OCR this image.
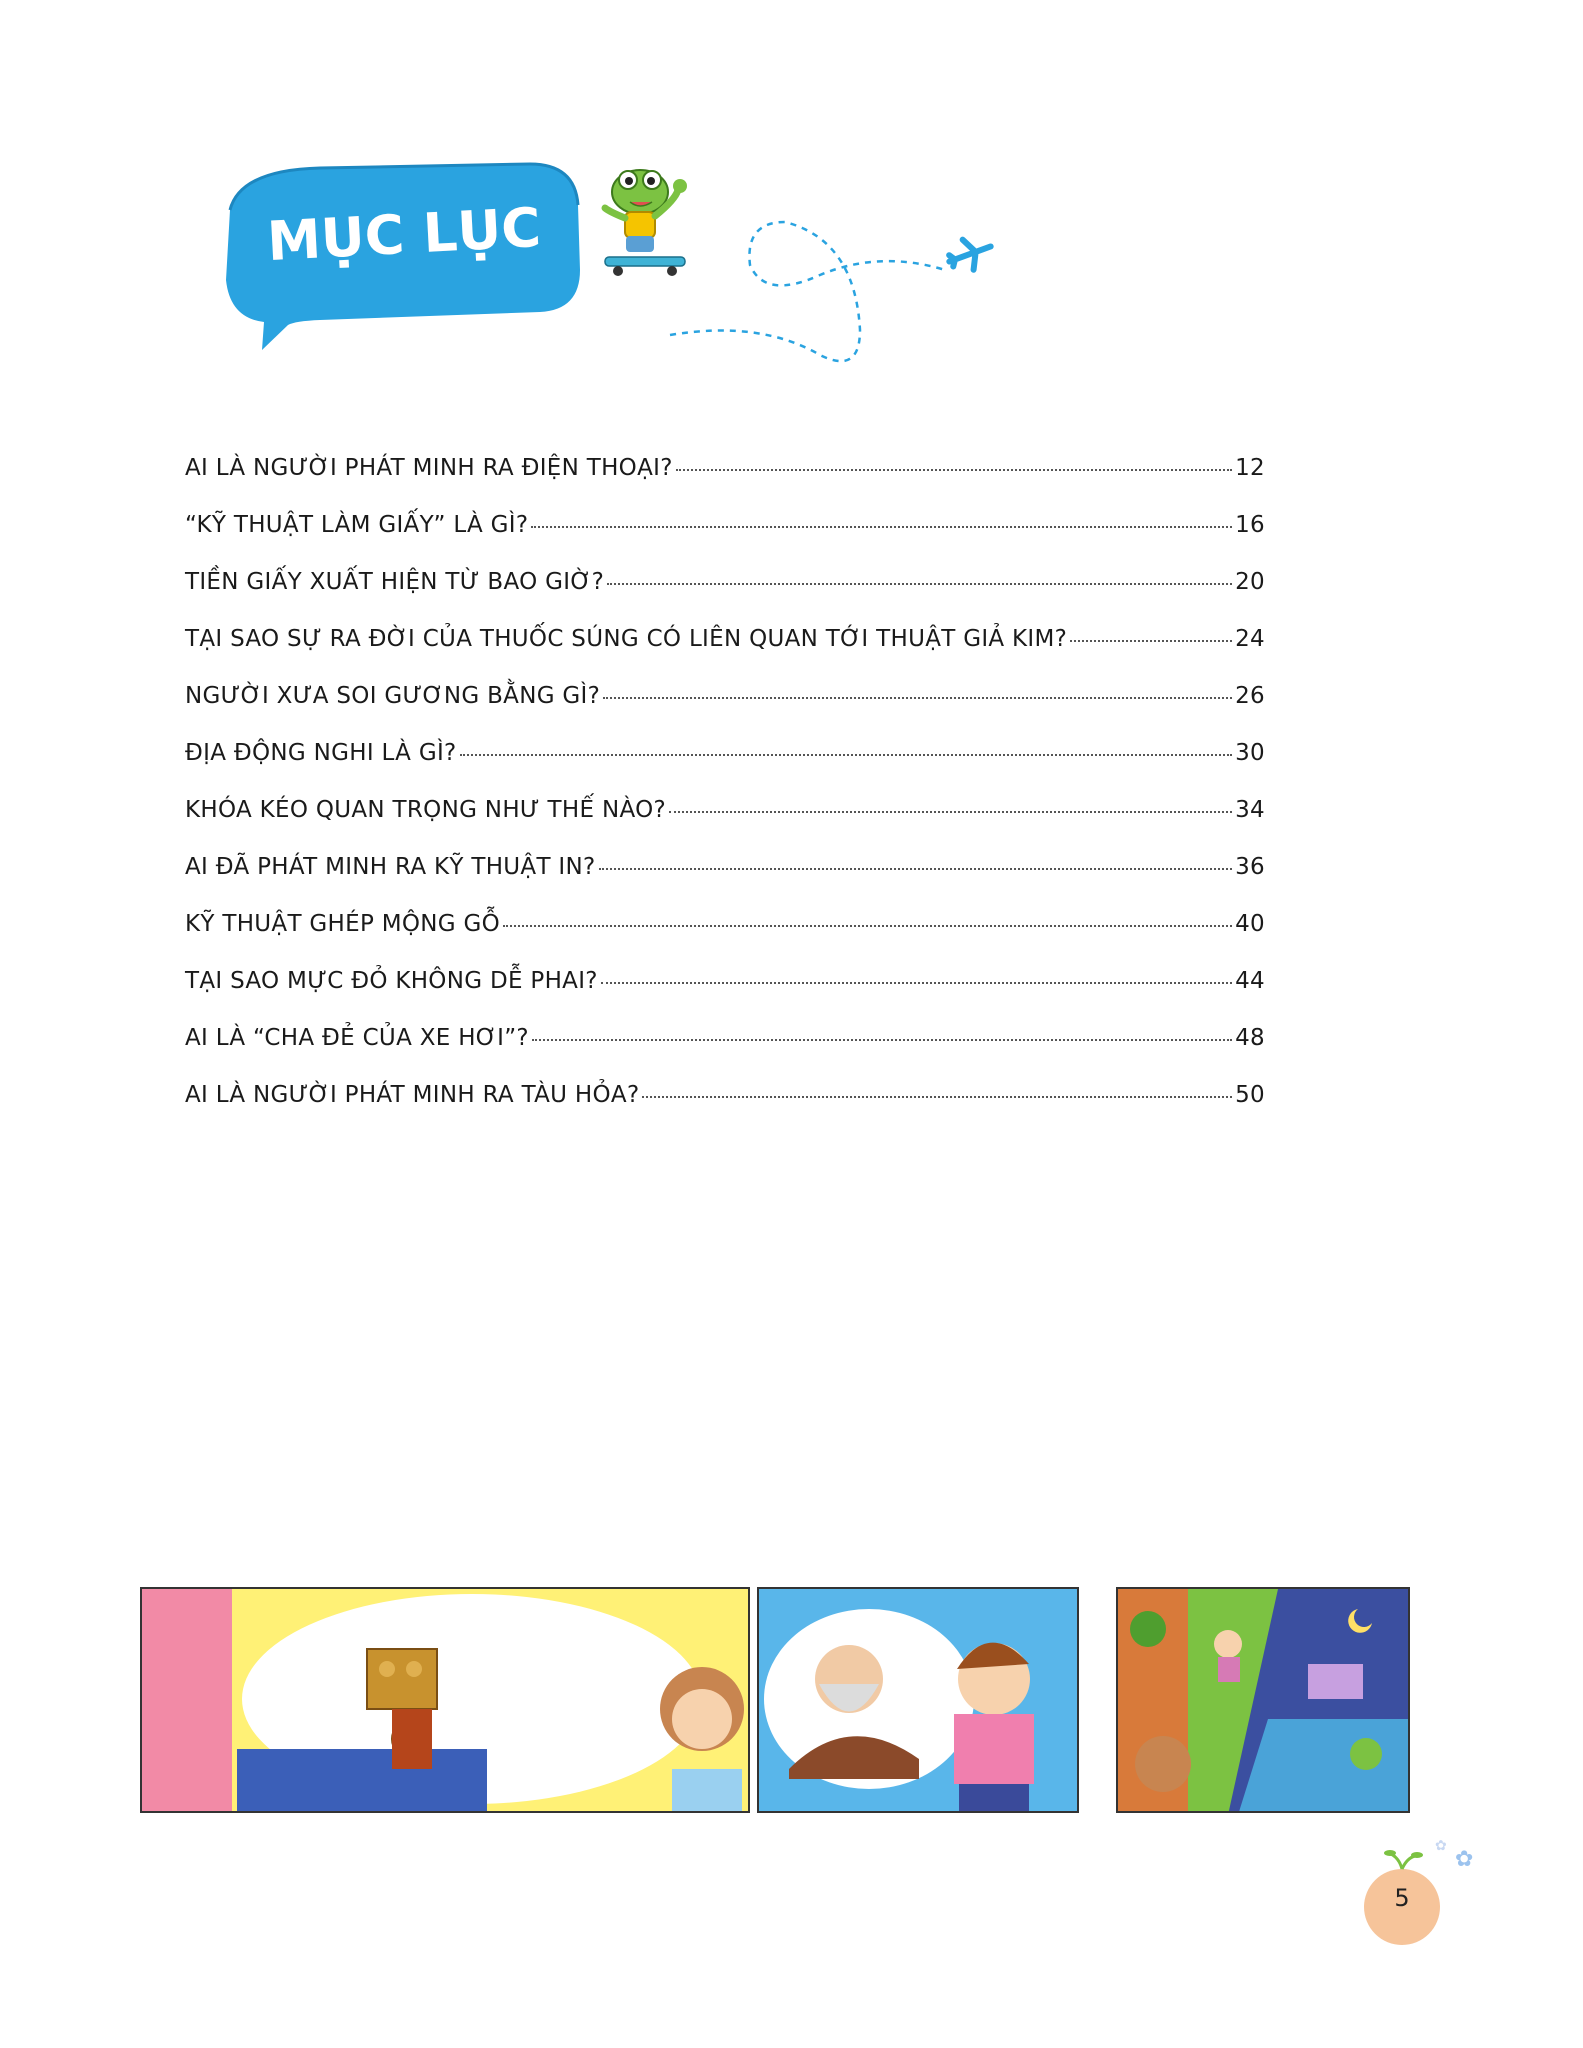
MỤC LỤC
AI LÀ NGƯỜI PHÁT MINH RA ĐIỆN THOẠI?	12
“KỸ THUẬT LÀM GIẤY” LÀ GÌ?	16
TIỀN GIẤY XUẤT HIỆN TỪ BAO GIỜ?	20
TẠI SAO SỰ RA ĐỜI CỦA THUỐC SÚNG CÓ LIÊN QUAN TỚI THUẬT GIẢ KIM?	24
NGƯỜI XƯA SOI GƯƠNG BẰNG GÌ?	26
ĐỊA ĐỘNG NGHI LÀ GÌ?	30
KHÓA KÉO QUAN TRỌNG NHƯ THẾ NÀO?	34
AI ĐÃ PHÁT MINH RA KỸ THUẬT IN?	36
KỸ THUẬT GHÉP MỘNG GỖ	40
TẠI SAO MỰC ĐỎ KHÔNG DỄ PHAI?	44
AI LÀ “CHA ĐẺ CỦA XE HƠI”?	48
AI LÀ NGƯỜI PHÁT MINH RA TÀU HỎA?	50
✿
✿
5
